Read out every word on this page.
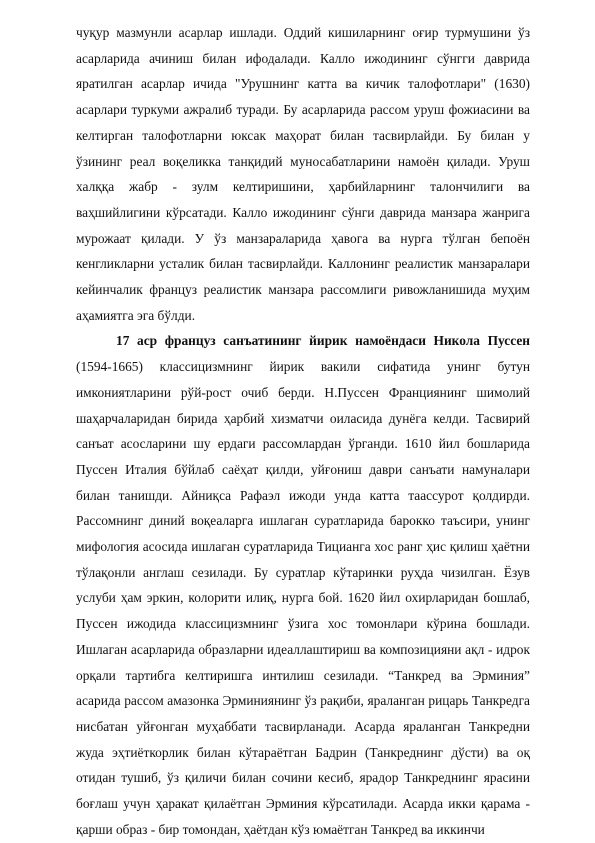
чуқур мазмунли асарлар ишлади. Оддий кишиларнинг оғир турмушини ўз асарларида ачиниш билан ифодалади. Калло ижодининг сўнгги даврида яратилган асарлар ичида "Урушнинг катта ва кичик талофотлари" (1630) асарлари туркуми ажралиб туради. Бу асарларида рассом уруш фожиасини ва келтирган талофотларни юксак маҳорат билан тасвирлайди. Бу билан у ўзининг реал воқеликка танқидий муносабатларини намоён қилади. Уруш халққа жабр - зулм келтиришини, ҳарбийларнинг талончилиги ва ваҳшийлигини кўрсатади. Калло ижодининг сўнги даврида манзара жанрига мурожаат қилади. У ўз манзараларида ҳавога ва нурга тўлган бепоён кенгликларни усталик билан тасвирлайди. Каллонинг реалистик манзаралари кейинчалик француз реалистик манзара рассомлиги ривожланишида муҳим аҳамиятга эга бўлди.

17 аср француз санъатининг йирик намоёндаси Никола Пуссен (1594-1665) классицизмнинг йирик вакили сифатида унинг бутун имкониятларини рўй-рост очиб берди. Н.Пуссен Франциянинг шимолий шаҳарчаларидан бирида ҳарбий хизматчи оиласида дунёга келди. Тасвирий санъат асосларини шу ердаги рассомлардан ўрганди. 1610 йил бошларида Пуссен Италия бўйлаб саёҳат қилди, уйғониш даври санъати намуналари билан танишди. Айниқса Рафаэл ижоди унда катта таассурот қолдирди. Рассомнинг диний воқеаларга ишлаган суратларида барокко таъсири, унинг мифология асосида ишлаган суратларида Тицианга хос ранг ҳис қилиш ҳаётни тўлақонли англаш сезилади. Бу суратлар кўтаринки руҳда чизилган. Ёзув услуби ҳам эркин, колорити илиқ, нурга бой. 1620 йил охирларидан бошлаб, Пуссен ижодида классицизмнинг ўзига хос томонлари кўрина бошлади. Ишлаган асарларида образларни идеаллаштириш ва композицияни ақл - идрок орқали тартибга келтиришга интилиш сезилади. “Танкред ва Эрминия” асарида рассом амазонка Эрминиянинг ўз рақиби, яраланган рицарь Танкредга нисбатан уйғонган муҳаббати тасвирланади. Асарда яраланган Танкредни жуда эҳтиёткорлик билан кўтараётган Бадрин (Танкреднинг дўсти) ва оқ отидан тушиб, ўз қиличи билан сочини кесиб, ярадор Танкреднинг ярасини боғлаш учун ҳаракат қилаётган Эрминия кўрсатилади. Асарда икки қарама - қарши образ - бир томондан, ҳаётдан кўз юмаётган Танкред ва иккинчи
